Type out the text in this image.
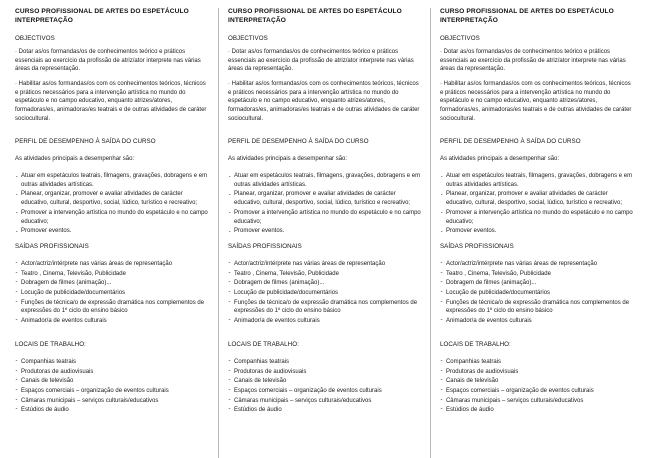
CURSO PROFISSIONAL DE ARTES DO ESPETÁCULO INTERPRETAÇÃO
OBJECTIVOS

· Dotar as/os formandas/os de conhecimentos teórico e práticos essenciais ao exercício da profissão de atriz/ator interprete nas várias áreas da representação.

· Habilitar as/os formandas/os com os conhecimentos teóricos, técnicos e práticos necessários para a intervenção artística no mundo do espetáculo e no campo educativo, enquanto atrizes/atores, formadoras/es, animadoras/es teatrais e de outras atividades de caráter sociocultural.

PERFIL DE DESEMPENHO À SAÍDA DO CURSO

As atividades principais a desempenhar são:

· Atuar em espetáculos teatrais, filmagens, gravações, dobragens e em outras atividades artísticas.
· Planear, organizar, promover e avaliar atividades de carácter educativo, cultural, desportivo, social, lúdico, turístico e recreativo;
· Promover a intervenção artística no mundo do espetáculo e no campo educativo;
· Promover eventos.
SAÍDAS PROFISSIONAIS
- Actor/actriz/intérprete nas várias áreas de representação
- Teatro , Cinema, Televisão, Publicidade
- Dobragem de filmes (animação)...
- Locução de publicidade/documentários
- Funções de técnica/o de expressão dramática nos complementos de expressões do 1º ciclo do ensino básico
- Animador/a de eventos culturais
LOCAIS DE TRABALHO:
- Companhias teatrais
- Produtoras de audiovisuais
- Canais de televisão
- Espaços comerciais – organização de eventos culturais
- Câmaras municipais – serviços culturais/educativos
- Estúdios de áudio
CURSO PROFISSIONAL DE ARTES DO ESPETÁCULO INTERPRETAÇÃO
OBJECTIVOS

· Dotar as/os formandas/os de conhecimentos teórico e práticos essenciais ao exercício da profissão de atriz/ator interprete nas várias áreas da representação.

· Habilitar as/os formandas/os com os conhecimentos teóricos, técnicos e práticos necessários para a intervenção artística no mundo do espetáculo e no campo educativo, enquanto atrizes/atores, formadoras/es, animadoras/es teatrais e de outras atividades de caráter sociocultural.

PERFIL DE DESEMPENHO À SAÍDA DO CURSO

As atividades principais a desempenhar são:

· Atuar em espetáculos teatrais, filmagens, gravações, dobragens e em outras atividades artísticas.
· Planear, organizar, promover e avaliar atividades de carácter educativo, cultural, desportivo, social, lúdico, turístico e recreativo;
· Promover a intervenção artística no mundo do espetáculo e no campo educativo;
· Promover eventos.
SAÍDAS PROFISSIONAIS
- Actor/actriz/intérprete nas várias áreas de representação
- Teatro , Cinema, Televisão, Publicidade
- Dobragem de filmes (animação)...
- Locução de publicidade/documentários
- Funções de técnica/o de expressão dramática nos complementos de expressões do 1º ciclo do ensino básico
- Animador/a de eventos culturais
LOCAIS DE TRABALHO:
- Companhias teatrais
- Produtoras de audiovisuais
- Canais de televisão
- Espaços comerciais – organização de eventos culturais
- Câmaras municipais – serviços culturais/educativos
- Estúdios de áudio
CURSO PROFISSIONAL DE ARTES DO ESPETÁCULO INTERPRETAÇÃO
OBJECTIVOS

· Dotar as/os formandas/os de conhecimentos teórico e práticos essenciais ao exercício da profissão de atriz/ator interprete nas várias áreas da representação.

· Habilitar as/os formandas/os com os conhecimentos teóricos, técnicos e práticos necessários para a intervenção artística no mundo do espetáculo e no campo educativo, enquanto atrizes/atores, formadoras/es, animadoras/es teatrais e de outras atividades de caráter sociocultural.

PERFIL DE DESEMPENHO À SAÍDA DO CURSO

As atividades principais a desempenhar são:

· Atuar em espetáculos teatrais, filmagens, gravações, dobragens e em outras atividades artísticas.
· Planear, organizar, promover e avaliar atividades de carácter educativo, cultural, desportivo, social, lúdico, turístico e recreativo;
· Promover a intervenção artística no mundo do espetáculo e no campo educativo;
· Promover eventos.
SAÍDAS PROFISSIONAIS
- Actor/actriz/intérprete nas várias áreas de representação
- Teatro , Cinema, Televisão, Publicidade
- Dobragem de filmes (animação)...
- Locução de publicidade/documentários
- Funções de técnica/o de expressão dramática nos complementos de expressões do 1º ciclo do ensino básico
- Animador/a de eventos culturais
LOCAIS DE TRABALHO:
- Companhias teatrais
- Produtoras de audiovisuais
- Canais de televisão
- Espaços comerciais – organização de eventos culturais
- Câmaras municipais – serviços culturais/educativos
- Estúdios de áudio
